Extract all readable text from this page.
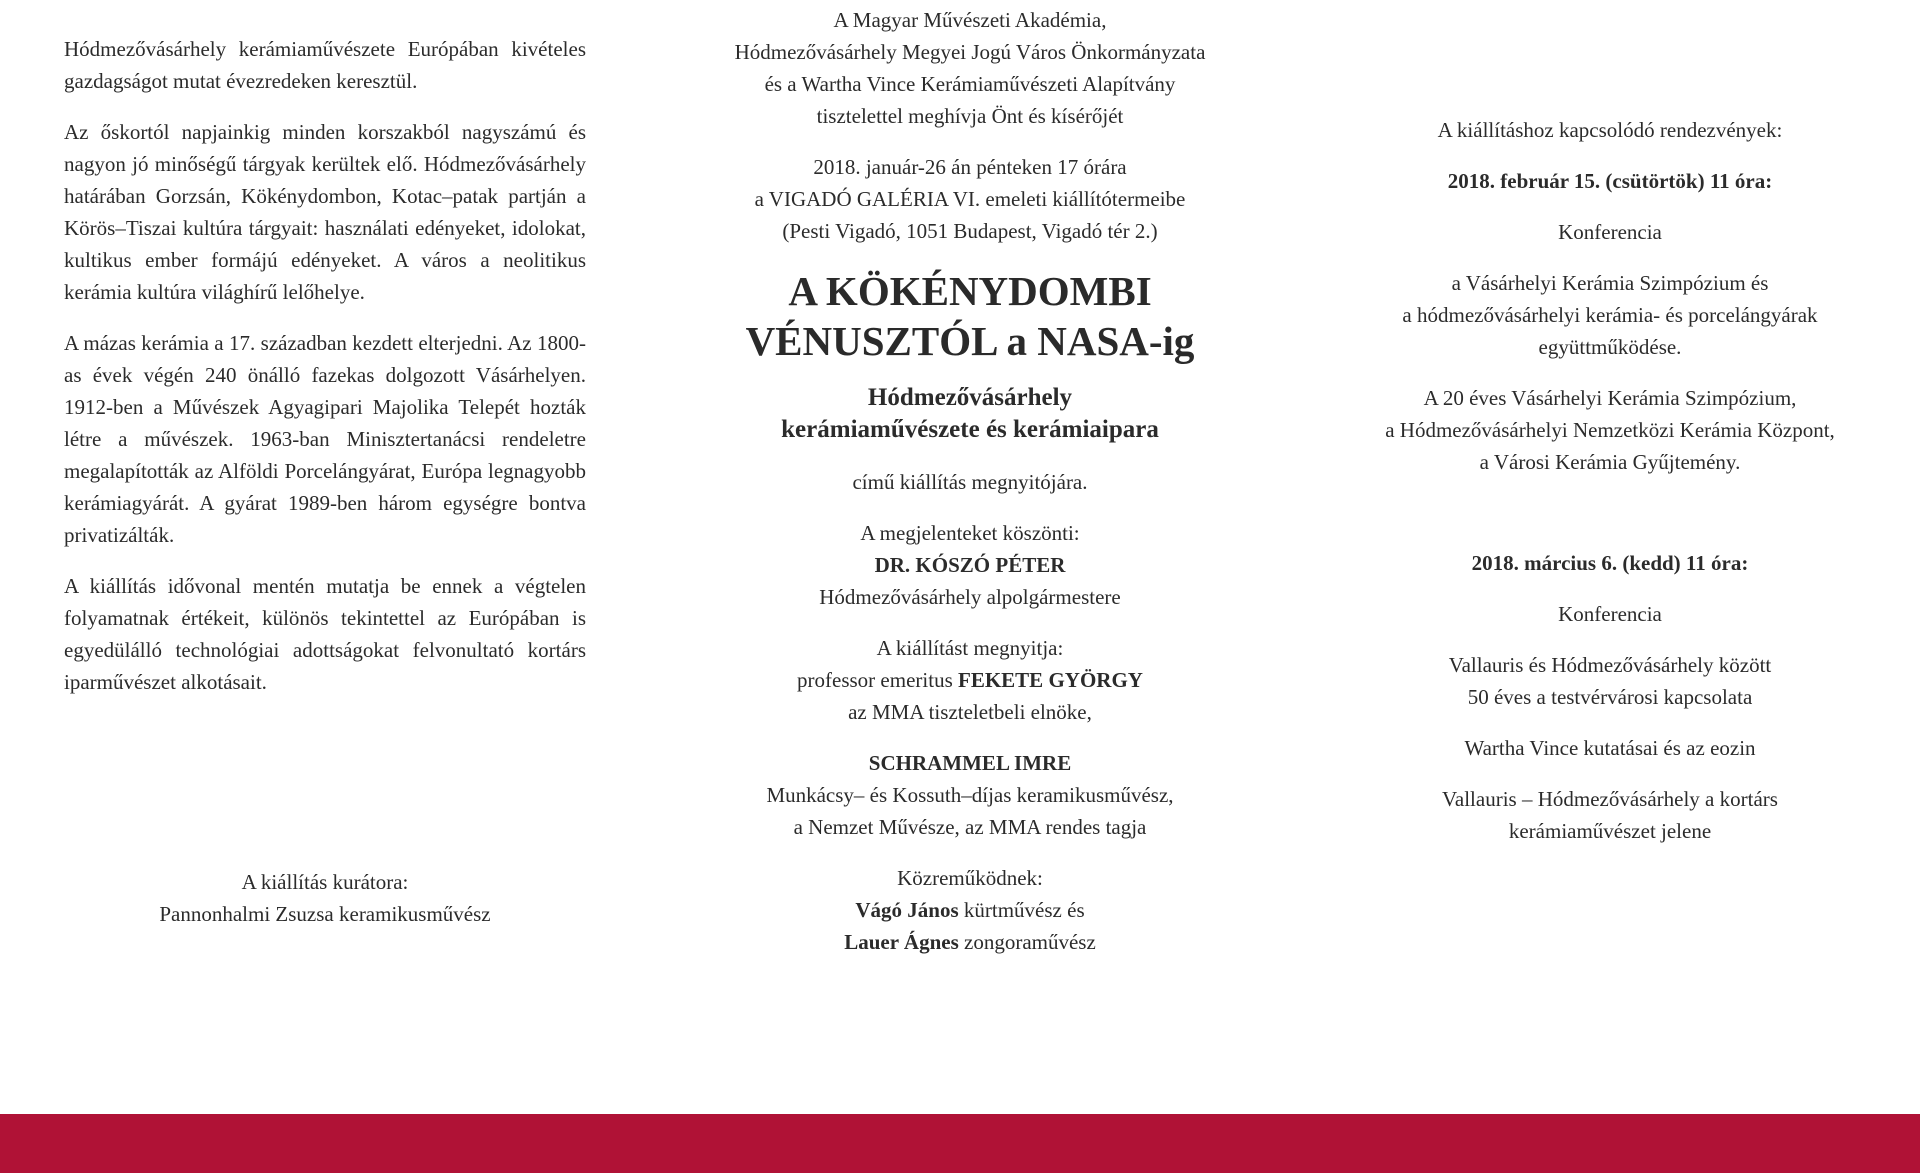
Hódmezővásárhely kerámiaművészete Európában kivételes gazdagságot mutat évezredeken keresztül.

Az őskortól napjainkig minden korszakból nagyszámú és nagyon jó minőségű tárgyak kerültek elő. Hódmezővásárhely határában Gorzsán, Kökénydombon, Kotac–patak partján a Körös–Tiszai kultúra tárgyait: használati edényeket, idolokat, kultikus ember formájú edényeket. A város a neolitikus kerámia kultúra világhírű lelőhelye.

A mázas kerámia a 17. században kezdett elterjedni. Az 1800-as évek végén 240 önálló fazekas dolgozott Vásárhelyen. 1912-ben a Művészek Agyagipari Majolika Telepét hozták létre a művészek. 1963-ban Minisztertanácsi rendeletre megalapították az Alföldi Porcelángyárat, Európa legnagyobb kerámiagyárát. A gyárat 1989-ben három egységre bontva privatizálták.

A kiállítás idővonal mentén mutatja be ennek a végtelen folyamatnak értékeit, különös tekintettel az Európában is egyedülálló technológiai adottságokat felvonultató kortárs iparművészet alkotásait.

A kiállítás kurátora:
Pannonhalmi Zsuzsa keramikusművész

A Magyar Művészeti Akadémia,
Hódmezővásárhely Megyei Jogú Város Önkormányzata
és a Wartha Vince Kerámiaművészeti Alapítvány
tisztelettel meghívja Önt és kísérőjét

2018. január-26 án pénteken 17 órára
a VIGADÓ GALÉRIA VI. emeleti kiállítótermeibe
(Pesti Vigadó, 1051 Budapest, Vigadó tér 2.)

A KÖKÉNYDOMBI
VÉNUSZTÓL a NASA-ig
Hódmezővásárhely
kerámiaművészete és kerámiaipara

című kiállítás megnyitójára.

A megjelenteket köszönti:
DR. KÓSZÓ PÉTER
Hódmezővásárhely alpolgármestere

A kiállítást megnyitja:
professor emeritus FEKETE GYÖRGY
az MMA tiszteletbeli elnöke,

SCHRAMMEL IMRE
Munkácsy– és Kossuth–díjas keramikusművész,
a Nemzet Művésze, az MMA rendes tagja

Közreműködnek:
Vágó János kürtművész és
Lauer Ágnes zongoraművész

A kiállításhoz kapcsolódó rendezvények:

2018. február 15. (csütörtök) 11 óra:

Konferencia

a Vásárhelyi Kerámia Szimpózium és
a hódmezővásárhelyi kerámia- és porcelángyárak
együttműködése.

A 20 éves Vásárhelyi Kerámia Szimpózium,
a Hódmezővásárhelyi Nemzetközi Kerámia Központ,
a Városi Kerámia Gyűjtemény.

2018. március 6. (kedd) 11 óra:

Konferencia

Vallauris és Hódmezővásárhely között
50 éves a testvérvárosi kapcsolata

Wartha Vince kutatásai és az eozin

Vallauris – Hódmezővásárhely a kortárs
kerámiaművészet jelene
